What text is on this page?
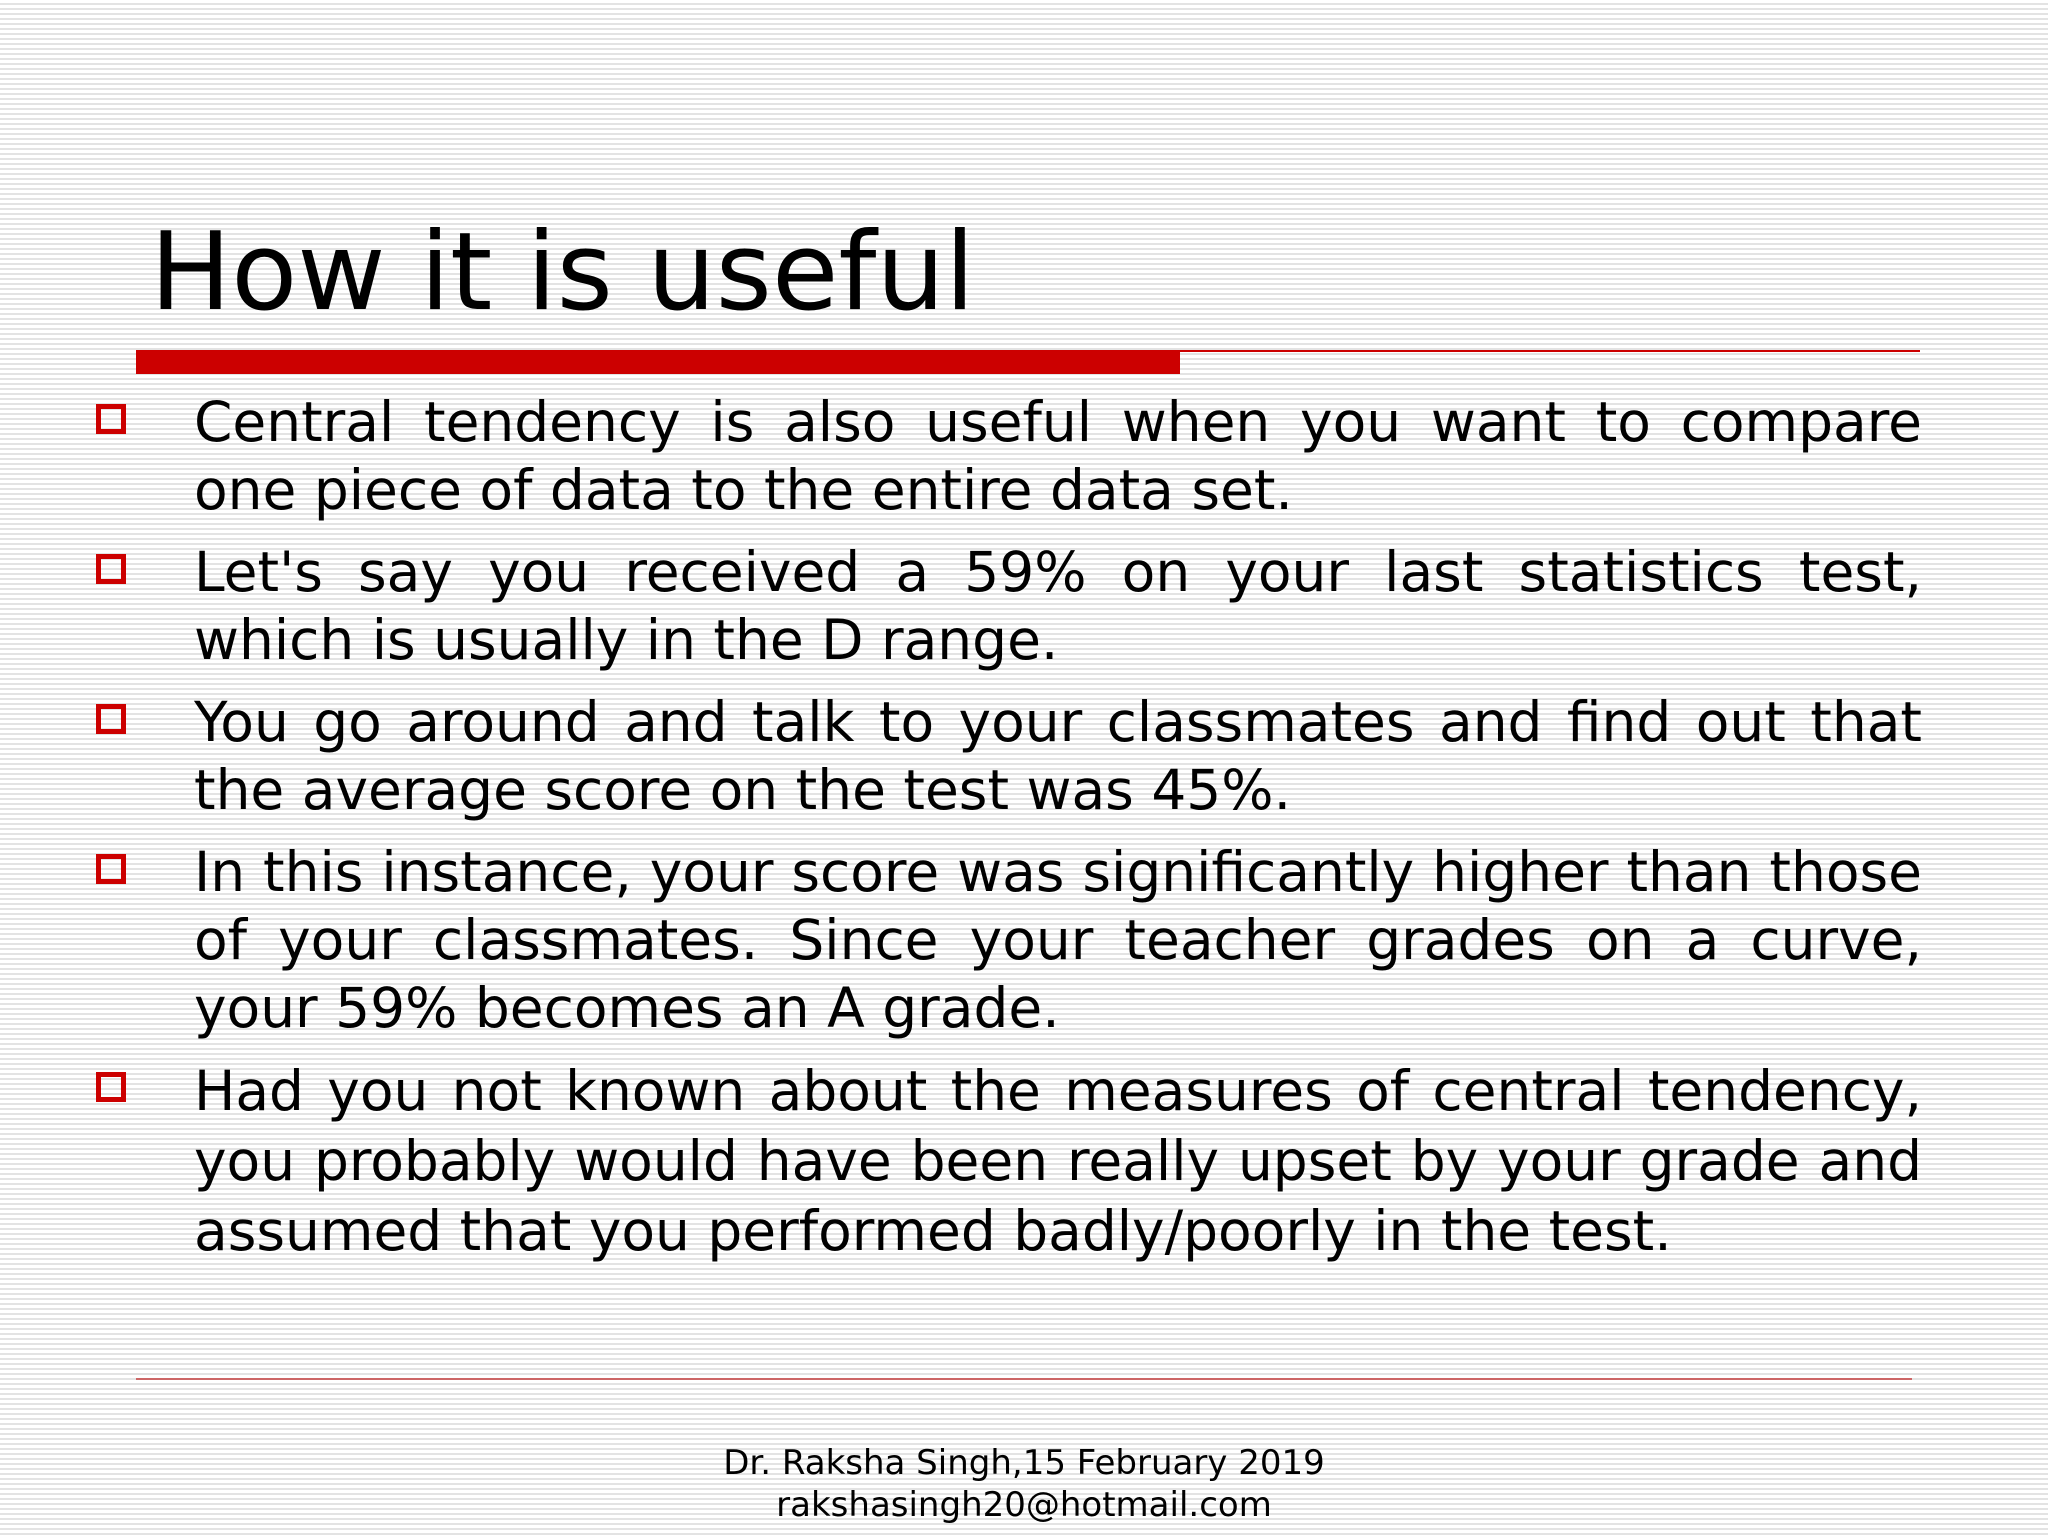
How it is useful
Central tendency is also useful when you want to compare one piece of data to the entire data set.
Let's say you received a 59% on your last statistics test, which is usually in the D range.
You go around and talk to your classmates and find out that the average score on the test was 45%.
In this instance, your score was significantly higher than those of your classmates. Since your teacher grades on a curve, your 59% becomes an A grade.
Had you not known about the measures of central tendency, you probably would have been really upset by your grade and assumed that you performed badly/poorly in the test.
Dr. Raksha Singh,15 February 2019
rakshasingh20@hotmail.com
